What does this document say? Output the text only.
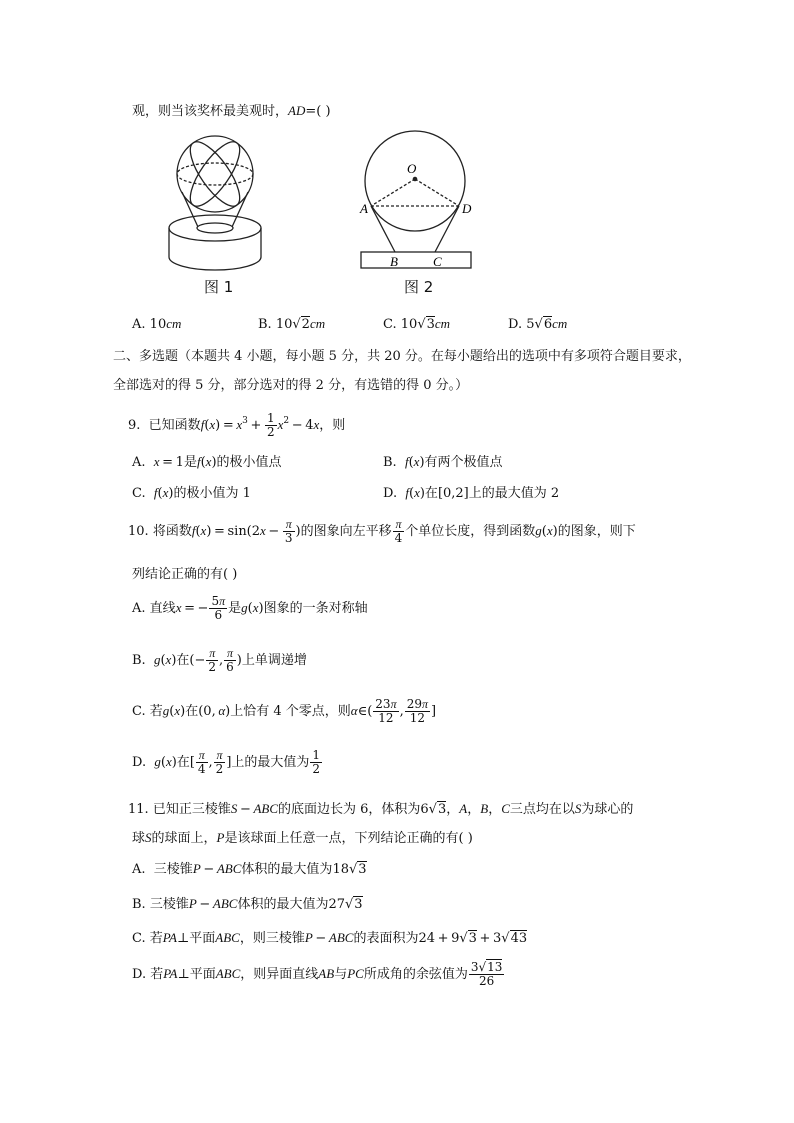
观，则当该奖杯最美观时，AD=( )
图 1
O
A	D
B	C
图 2
A. 10cm	B. 10√2cm	C. 10√3cm	D. 5√6cm
二、多选题（本题共 4 小题，每小题 5 分，共 20 分。在每小题给出的选项中有多项符合题目要求，
全部选对的得 5 分，部分选对的得 2 分，有选错的得 0 分。）
9. 已知函数$f(x) = x^3 + \frac{1}{2} x^2 - 4x$，则
A. x = 1是f(x)的极小值点	B. f(x)有两个极值点
C. f(x)的极小值为 1	D. f(x)在[0,2]上的最大值为 2
10. 将函数$f(x) = \sin(2x - \frac{\pi}{3}$ )的图象向左平移 $\frac{\pi}{4}$ 个单位长度，得到函数g(x)的图象，则下
列结论正确的有( )
A. 直线x = − $\frac{5\pi}{6}$ 是g(x)图象的一条对称轴
B. g(x)在(− $\frac{\pi}{2}$ , $\frac{\pi}{6}$ )上单调递增
C. 若g(x)在(0, α)上恰有 4 个零点，则α∈( $\frac{23\pi}{12}$ , $\frac{29\pi}{12}$ ]
D. g(x)在[ $\frac{\pi}{4}$ , $\frac{\pi}{2}$ ]上的最大值为 $\frac{1}{2}$
11. 已知正三棱锥S − ABC的底面边长为 6，体积为6√3，A，B，C三点均在以S为球心的
球S的球面上，P是该球面上任意一点，下列结论正确的有( )
A. 三棱锥P − ABC体积的最大值为18√3
B. 三棱锥P − ABC体积的最大值为27√3
C. 若PA⊥平面ABC，则三棱锥P − ABC的表面积为24 + 9√3 + 3√43
D. 若PA⊥平面ABC，则异面直线AB与PC所成角的余弦值为 $\frac{3√13}{26}$
